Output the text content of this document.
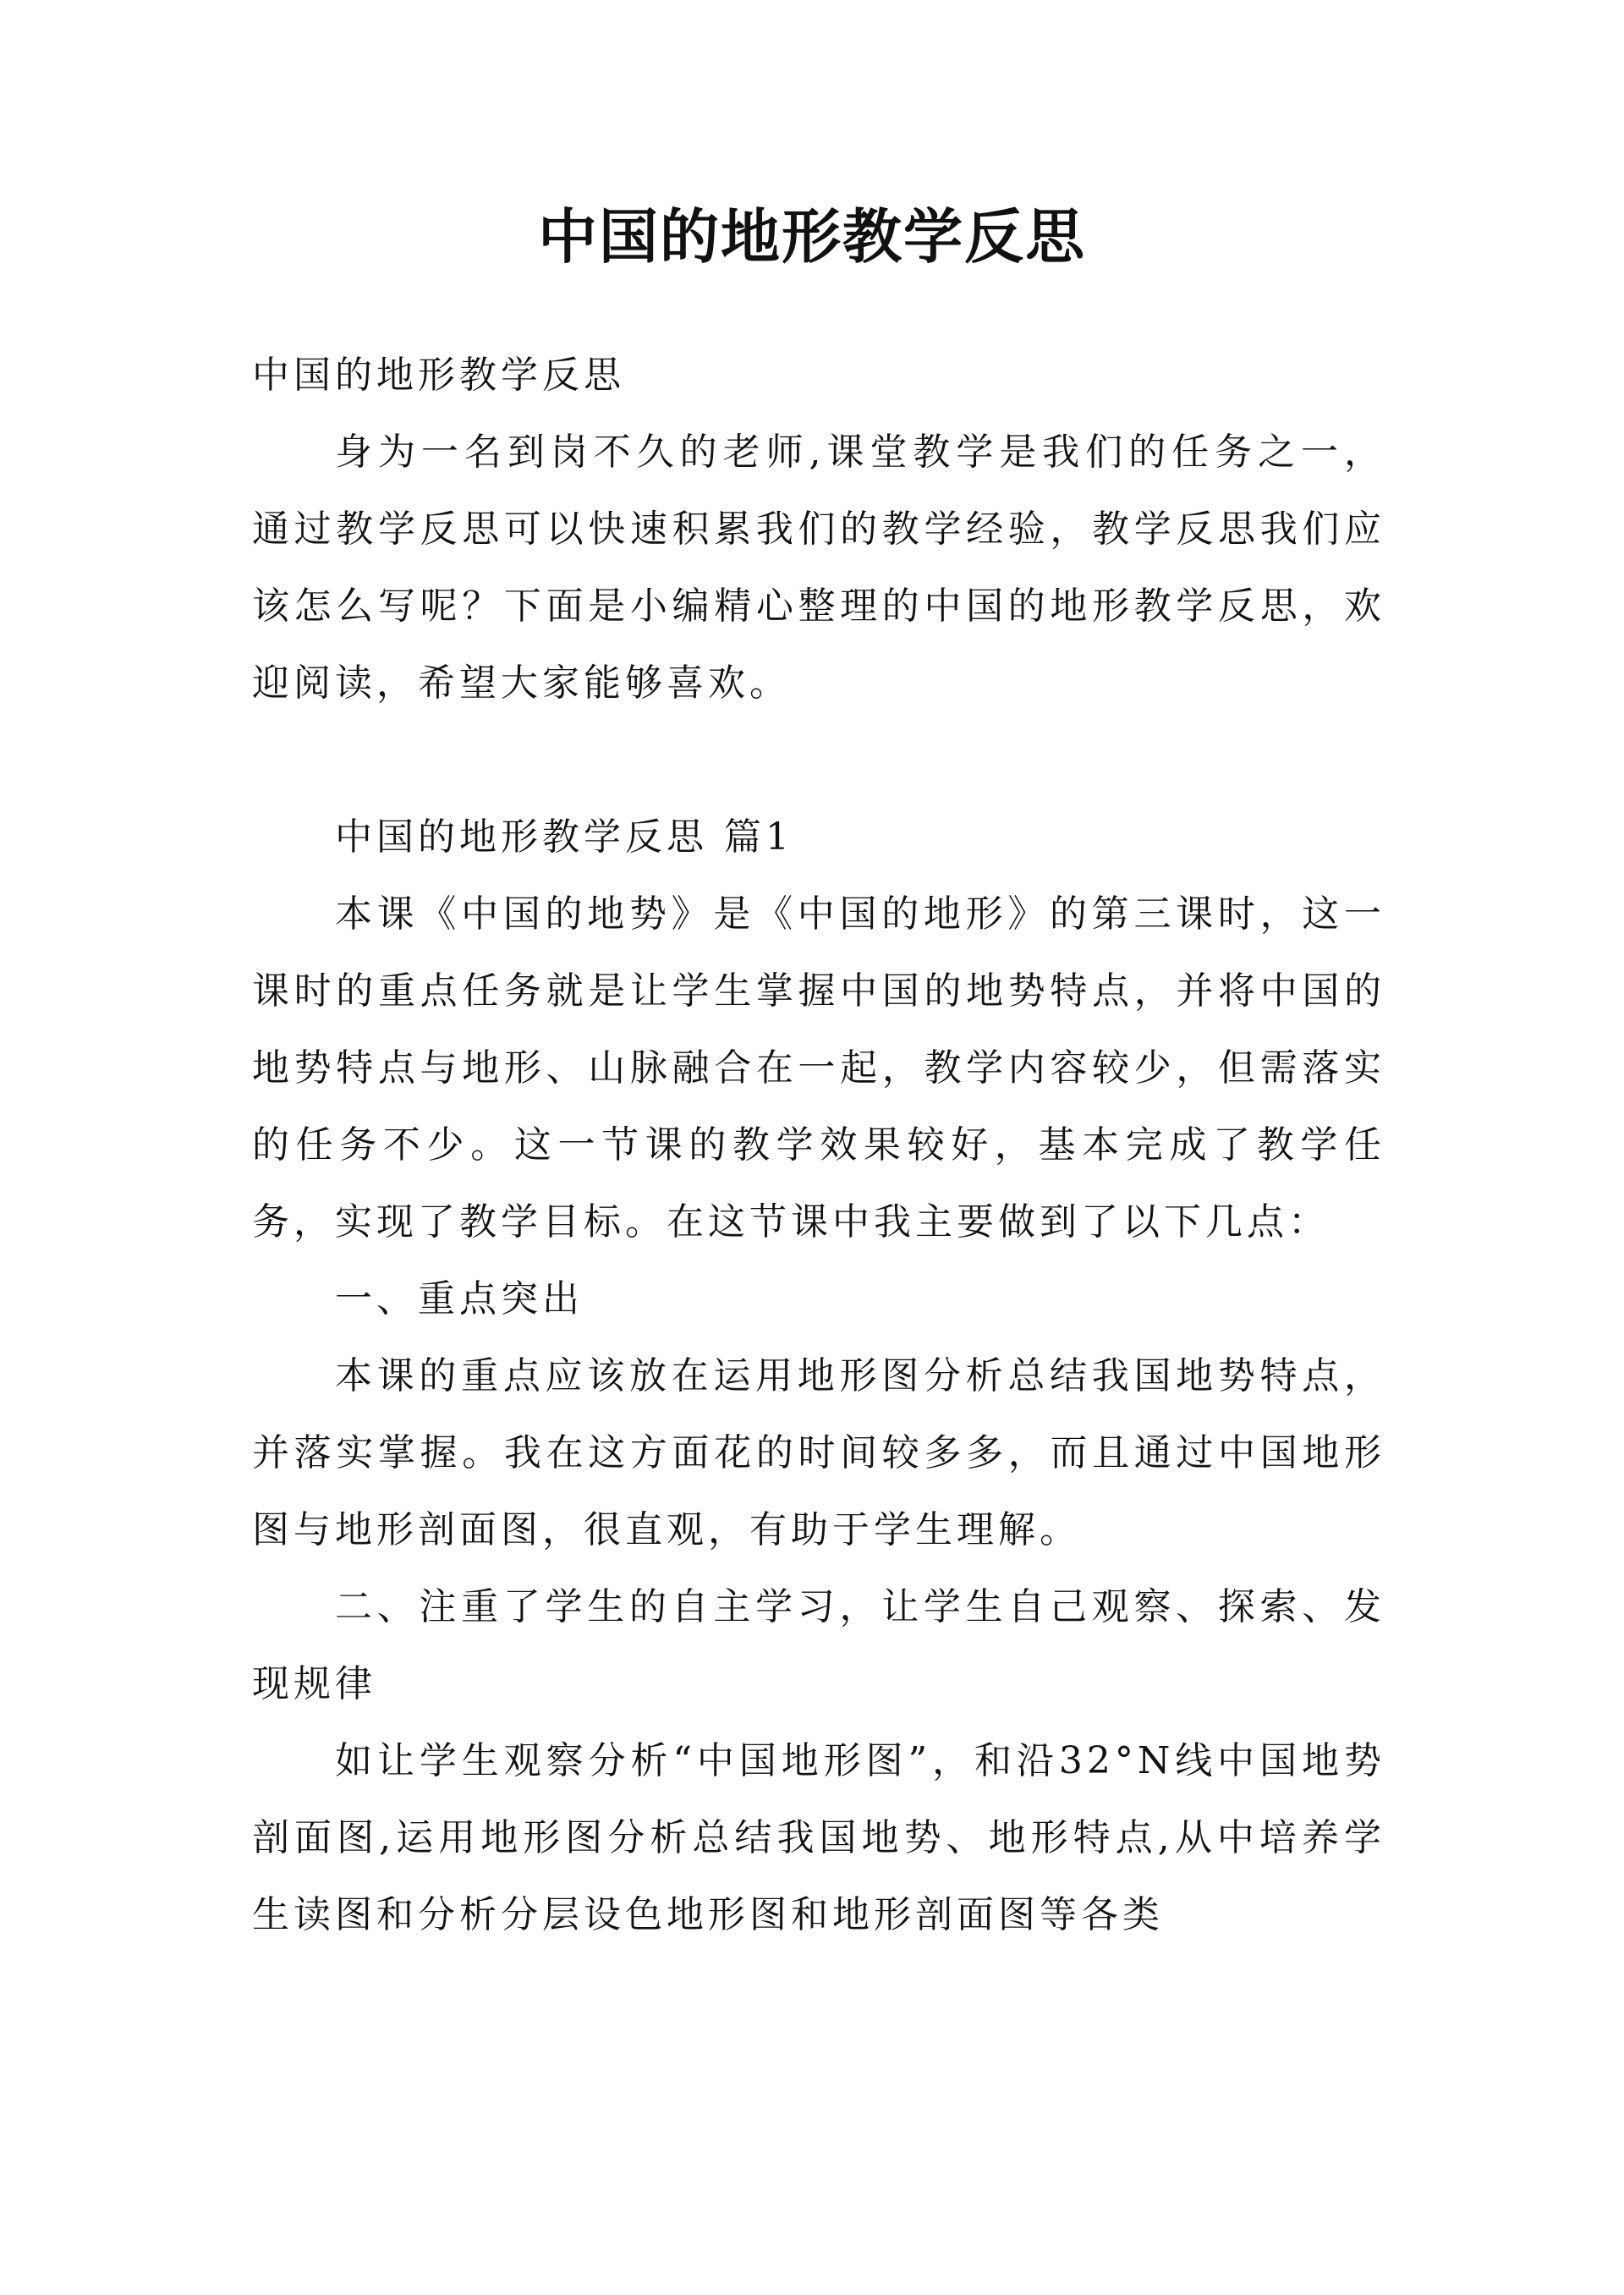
中国的地形教学反思

中国的地形教学反思

身为一名到岗不久的老师,课堂教学是我们的任务之一，通过教学反思可以快速积累我们的教学经验，教学反思我们应该怎么写呢？下面是小编精心整理的中国的地形教学反思，欢迎阅读，希望大家能够喜欢。

中国的地形教学反思 篇1

本课《中国的地势》是《中国的地形》的第三课时，这一课时的重点任务就是让学生掌握中国的地势特点，并将中国的地势特点与地形、山脉融合在一起，教学内容较少，但需落实的任务不少。这一节课的教学效果较好，基本完成了教学任务，实现了教学目标。在这节课中我主要做到了以下几点：

一、重点突出

本课的重点应该放在运用地形图分析总结我国地势特点，并落实掌握。我在这方面花的时间较多多，而且通过中国地形图与地形剖面图，很直观，有助于学生理解。

二、注重了学生的自主学习，让学生自己观察、探索、发现规律

如让学生观察分析“中国地形图”，和沿32°N线中国地势剖面图,运用地形图分析总结我国地势、地形特点,从中培养学生读图和分析分层设色地形图和地形剖面图等各类
